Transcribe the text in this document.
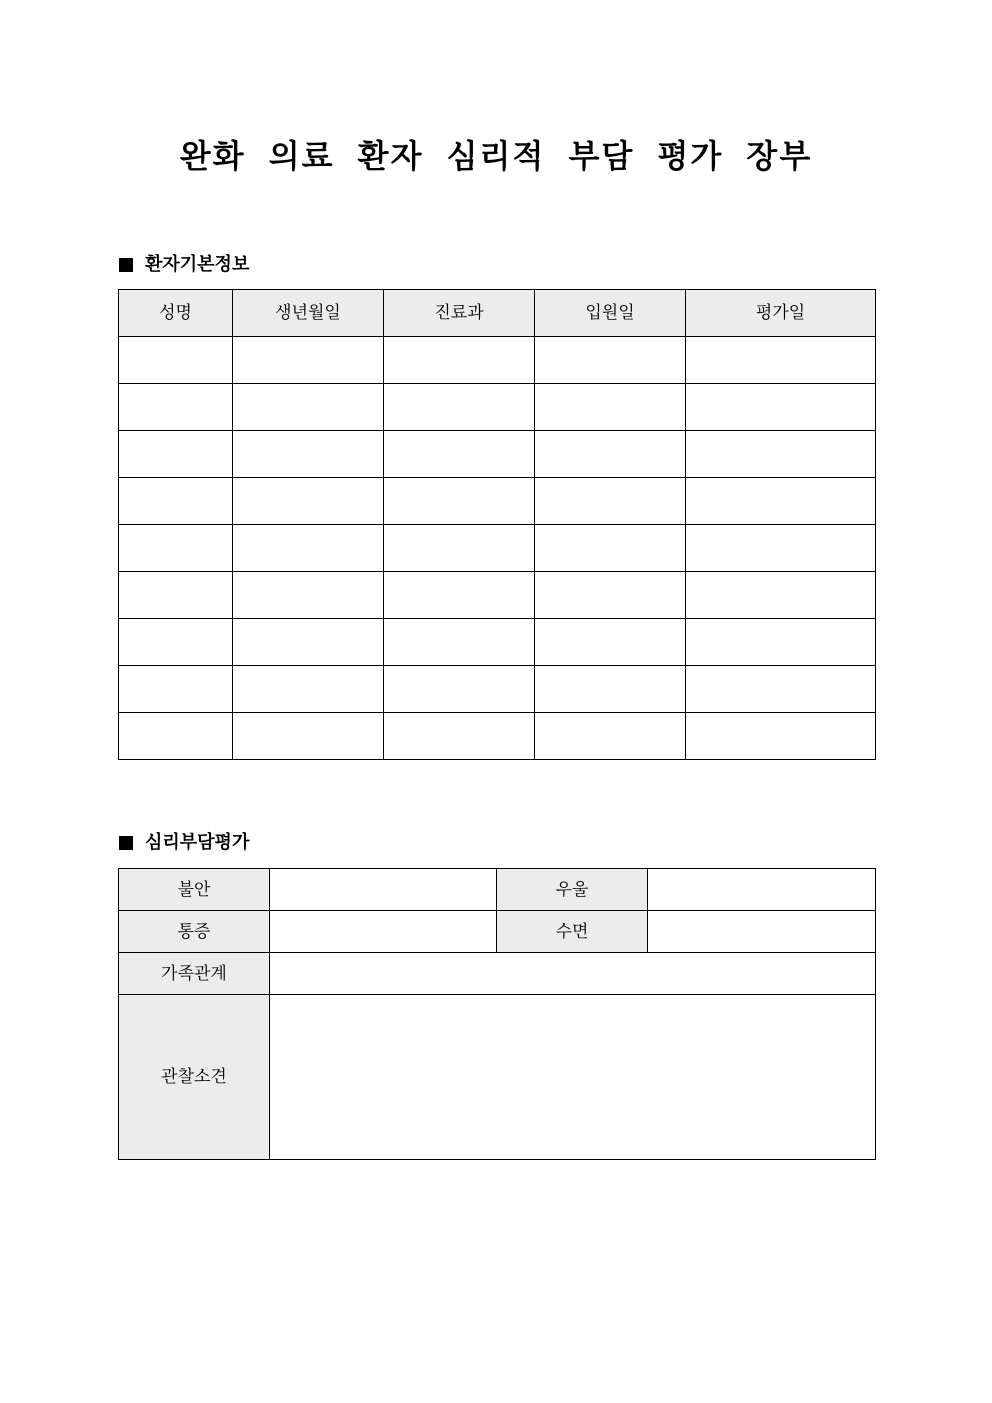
완화 의료 환자 심리적 부담 평가 장부
환자기본정보
성명	생년월일	진료과	입원일	평가일

심리부담평가
불안		우울	
통증		수면	
가족관계			
관찰소견			
